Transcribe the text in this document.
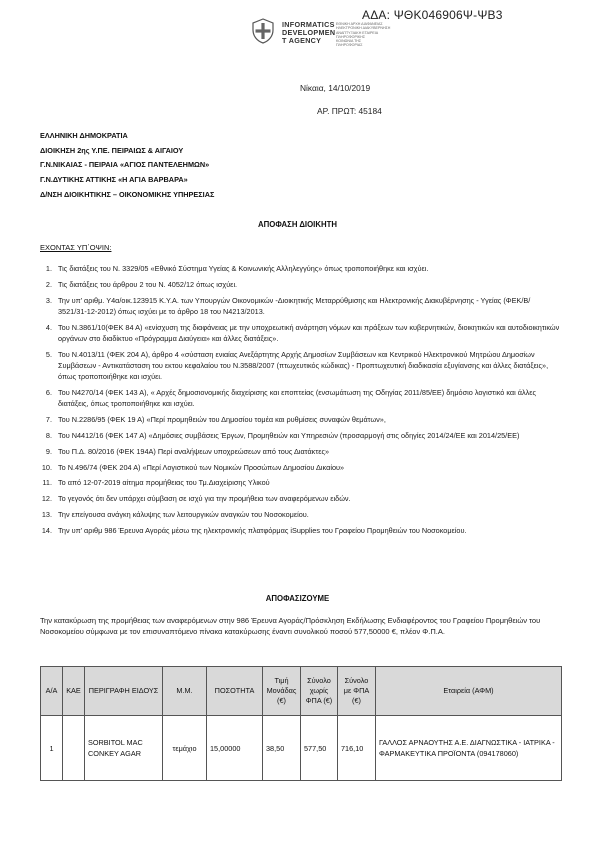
ΑΔΑ: ΨΘΚ046906Ψ-ΨΒ3
INFORMATICS
DEVELOPMEN
T AGENCY
ΕΘΝΙΚΗ ΑΡΧΗ ΔΙΑΦΑΝΕΙΑΣ
ΗΛΕΚΤΡΟΝΙΚΗ ΔΙΑΚΥΒΕΡΝΗΣΗ
ΑΝΑΠΤΥΞΙΑΚΗ ΕΤΑΙΡΕΙΑ
ΠΛΗΡΟΦΟΡΙΚΗΣ
ΚΟΙΝΩΝΙΑ ΤΗΣ
ΠΛΗΡΟΦΟΡΙΑΣ
Νίκαια, 14/10/2019
ΑΡ. ΠΡΩΤ: 45184
ΕΛΛΗΝΙΚΗ ΔΗΜΟΚΡΑΤΙΑ
ΔΙΟΙΚΗΣΗ 2ης Υ.ΠΕ. ΠΕΙΡΑΙΩΣ & ΑΙΓΑΙΟΥ
Γ.Ν.ΝΙΚΑΙΑΣ - ΠΕΙΡΑΙΑ «ΑΓΙΟΣ ΠΑΝΤΕΛΕΗΜΩΝ»
Γ.Ν.ΔΥΤΙΚΗΣ ΑΤΤΙΚΗΣ «Η ΑΓΙΑ ΒΑΡΒΑΡΑ»
Δ/ΝΣΗ ΔΙΟΙΚΗΤΙΚΗΣ – ΟΙΚΟΝΟΜΙΚΗΣ ΥΠΗΡΕΣΙΑΣ
ΑΠΟΦΑΣΗ ΔΙΟΙΚΗΤΗ
ΕΧΟΝΤΑΣ ΥΠ΄ΟΨΙΝ:
1. Τις διατάξεις του Ν. 3329/05 «Εθνικό Σύστημα Υγείας & Κοινωνικής Αλληλεγγύης» όπως τροποποιήθηκε και ισχύει.
2. Τις διατάξεις του άρθρου 2 του Ν. 4052/12 όπως ισχύει.
3. Την υπ’ αριθμ. Υ4α/οικ.123915 Κ.Υ.Α. των Υπουργών Οικονομικών -Διοικητικής Μεταρρύθμισης και Ηλεκτρονικής Διακυβέρνησης - Υγείας (ΦΕΚ/Β/ 3521/31-12-2012) όπως ισχύει με το άρθρο 18 του Ν4213/2013.
4. Του Ν.3861/10(ΦΕΚ 84 Α) «ενίσχυση της διαφάνειας με την υποχρεωτική ανάρτηση νόμων και πράξεων των κυβερνητικών, διοικητικών και αυτοδιοικητικών οργάνων στο διαδίκτυο «Πρόγραμμα Διαύγεια» και άλλες διατάξεις».
5. Του Ν.4013/11 (ΦΕΚ 204 Α), άρθρο 4 «σύσταση ενιαίας Ανεξάρτητης Αρχής Δημοσίων Συμβάσεων και Κεντρικού Ηλεκτρονικού Μητρώου Δημοσίων Συμβάσεων - Αντικατάσταση του εκτου κεφαλαίου του Ν.3588/2007 (πτωχευτικός κώδικας) - Προπτωχευτική διαδικασία εξυγίανσης και άλλες διατάξεις», όπως τροποποιήθηκε και ισχύει.
6. Του Ν4270/14 (ΦΕΚ 143 Α), « Αρχές δημοσιονομικής διαχείρισης και εποπτείας (ενσωμάτωση της Οδηγίας 2011/85/ΕΕ) δημόσιο λογιστικό και άλλες διατάξεις, όπως τροποποιήθηκε και ισχύει.
7. Του Ν.2286/95 (ΦΕΚ 19 Α) «Περί προμηθειών του Δημοσίου τομέα και ρυθμίσεις συναφών θεμάτων»,
8. Του Ν4412/16 (ΦΕΚ 147 Α) «Δημόσιες συμβάσεις Έργων, Προμηθειών και Υπηρεσιών (προσαρμογή στις οδηγίες 2014/24/ΕΕ και 2014/25/ΕΕ)
9. Του Π.Δ. 80/2016 (ΦΕΚ 194Α) Περί αναλήψεων υποχρεώσεων από τους Διατάκτες»
10. Το Ν.496/74 (ΦΕΚ 204 Α) «Περί Λογιστικού των Νομικών Προσώπων Δημοσίου Δικαίου»
11. Το από 12-07-2019 αίτημα προμήθειας του Τμ.Διαχείρισης Υλικού
12. Το γεγονός ότι δεν υπάρχει σύμβαση σε ισχύ για την προμήθεια των αναφερόμενων ειδών.
13. Την επείγουσα ανάγκη κάλυψης των λειτουργικών αναγκών του Νοσοκομείου.
14. Την υπ’ αριθμ 986 Έρευνα Αγοράς μέσω της ηλεκτρονικής πλατφόρμας iSupplies του Γραφείου Προμηθειών του Νοσοκομείου.
ΑΠΟΦΑΣΙΖΟΥΜΕ
Την κατακύρωση της προμήθειας των αναφερόμενων στην 986 Έρευνα Αγοράς/Πρόσκληση Εκδήλωσης Ενδιαφέροντος του Γραφείου Προμηθειών του Νοσοκομείου σύμφωνα με τον επισυναπτόμενο πίνακα κατακύρωσης έναντι συνολικού ποσού 577,50000 €, πλέον Φ.Π.Α.
Α/Α	ΚΑΕ	ΠΕΡΙΓΡΑΦΗ ΕΙΔΟΥΣ	Μ.Μ.	ΠΟΣΟΤΗΤΑ	Τιμή Μονάδας (€)	Σύνολο χωρίς ΦΠΑ (€)	Σύνολο με ΦΠΑ (€)	Εταιρεία (ΑΦΜ)
1		SORBITOL MAC CONKEY AGAR	τεμάχιο	15,00000	38,50	577,50	716,10	ΓΑΛΛΟΣ ΑΡΝΑΟΥΤΗΣ Α.Ε. ΔΙΑΓΝΩΣΤΙΚΑ - ΙΑΤΡΙΚΑ - ΦΑΡΜΑΚΕΥΤΙΚΑ ΠΡΟΪΟΝΤΑ (094178060)
